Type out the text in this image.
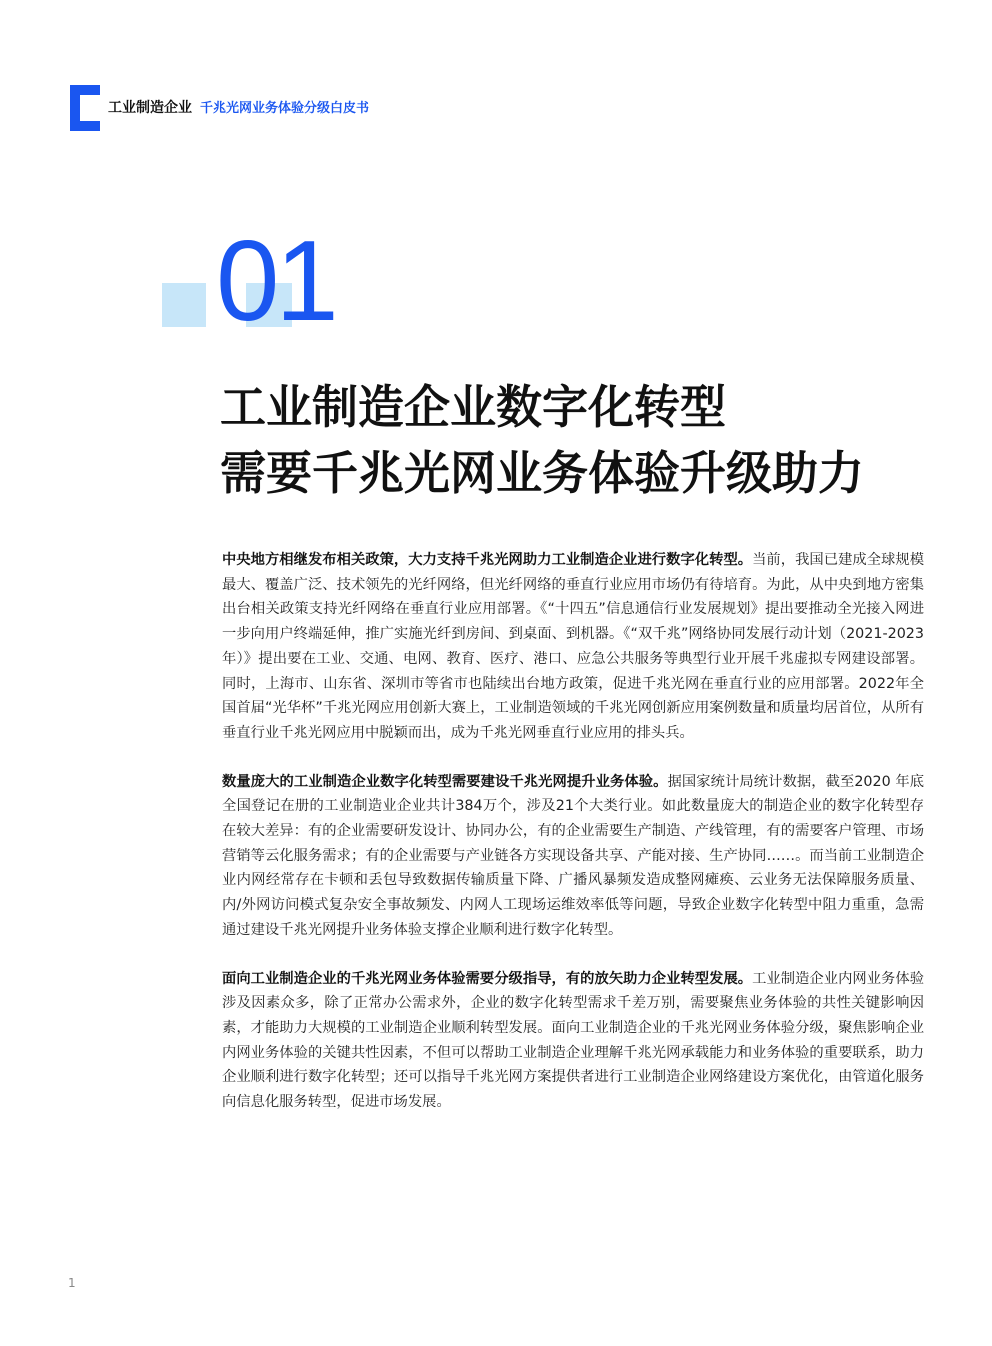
工业制造企业 千兆光网业务体验分级白皮书
01
工业制造企业数字化转型
需要千兆光网业务体验升级助力

中央地方相继发布相关政策，大力支持千兆光网助力工业制造企业进行数字化转型。当前，我国已建成全球规模最大、覆盖广泛、技术领先的光纤网络，但光纤网络的垂直行业应用市场仍有待培育。为此，从中央到地方密集出台相关政策支持光纤网络在垂直行业应用部署。《“十四五”信息通信行业发展规划》提出要推动全光接入网进一步向用户终端延伸，推广实施光纤到房间、到桌面、到机器。《“双千兆”网络协同发展行动计划（2021-2023年）》提出要在工业、交通、电网、教育、医疗、港口、应急公共服务等典型行业开展千兆虚拟专网建设部署。同时，上海市、山东省、深圳市等省市也陆续出台地方政策，促进千兆光网在垂直行业的应用部署。2022年全国首届“光华杯”千兆光网应用创新大赛上，工业制造领域的千兆光网创新应用案例数量和质量均居首位，从所有垂直行业千兆光网应用中脱颖而出，成为千兆光网垂直行业应用的排头兵。

数量庞大的工业制造企业数字化转型需要建设千兆光网提升业务体验。据国家统计局统计数据，截至2020 年底全国登记在册的工业制造业企业共计384万个，涉及21个大类行业。如此数量庞大的制造企业的数字化转型存在较大差异：有的企业需要研发设计、协同办公，有的企业需要生产制造、产线管理，有的需要客户管理、市场营销等云化服务需求；有的企业需要与产业链各方实现设备共享、产能对接、生产协同……。而当前工业制造企业内网经常存在卡顿和丢包导致数据传输质量下降、广播风暴频发造成整网瘫痪、云业务无法保障服务质量、内/外网访问模式复杂安全事故频发、内网人工现场运维效率低等问题，导致企业数字化转型中阻力重重，急需通过建设千兆光网提升业务体验支撑企业顺利进行数字化转型。

面向工业制造企业的千兆光网业务体验需要分级指导，有的放矢助力企业转型发展。工业制造企业内网业务体验涉及因素众多，除了正常办公需求外，企业的数字化转型需求千差万别，需要聚焦业务体验的共性关键影响因素，才能助力大规模的工业制造企业顺利转型发展。面向工业制造企业的千兆光网业务体验分级，聚焦影响企业内网业务体验的关键共性因素，不但可以帮助工业制造企业理解千兆光网承载能力和业务体验的重要联系，助力企业顺利进行数字化转型；还可以指导千兆光网方案提供者进行工业制造企业网络建设方案优化，由管道化服务向信息化服务转型，促进市场发展。

1
